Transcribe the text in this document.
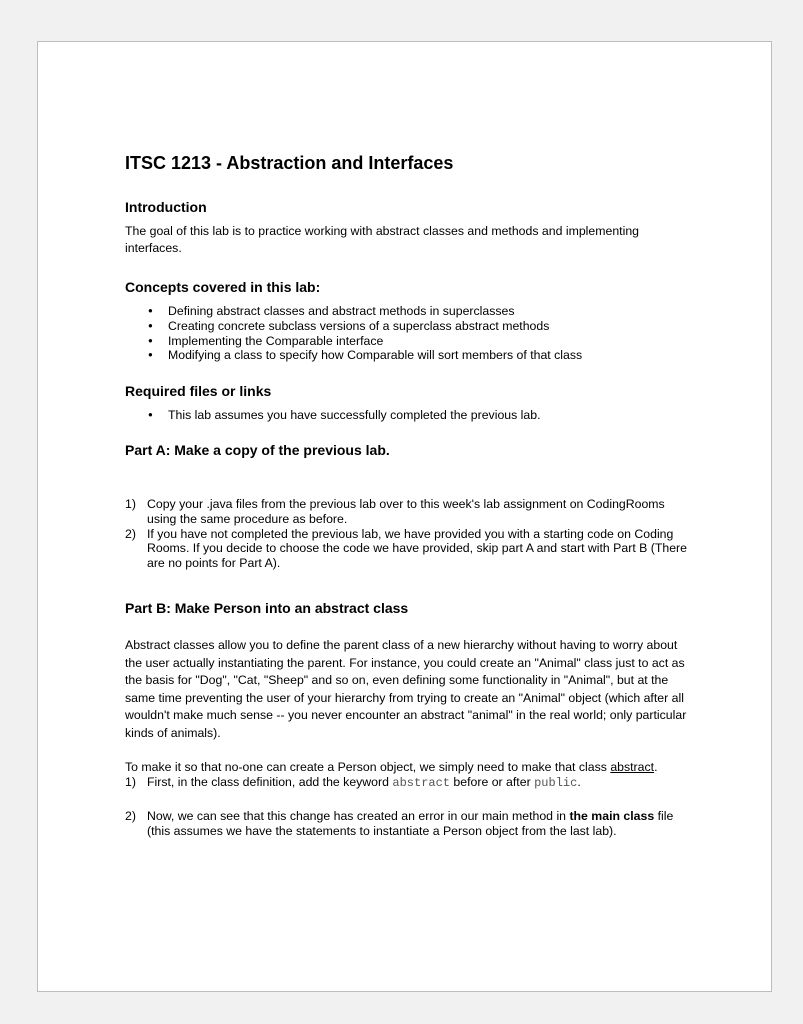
ITSC 1213 - Abstraction and Interfaces
Introduction

The goal of this lab is to practice working with abstract classes and methods and implementing interfaces.

Concepts covered in this lab:
● Defining abstract classes and abstract methods in superclasses
● Creating concrete subclass versions of a superclass abstract methods
● Implementing the Comparable interface
● Modifying a class to specify how Comparable will sort members of that class
Required files or links
● This lab assumes you have successfully completed the previous lab.
Part A: Make a copy of the previous lab.
1) Copy your .java files from the previous lab over to this week's lab assignment on CodingRooms using the same procedure as before.
2) If you have not completed the previous lab, we have provided you with a starting code on Coding Rooms. If you decide to choose the code we have provided, skip part A and start with Part B (There are no points for Part A).
Part B: Make Person into an abstract class

Abstract classes allow you to define the parent class of a new hierarchy without having to worry about the user actually instantiating the parent. For instance, you could create an "Animal" class just to act as the basis for "Dog", "Cat, "Sheep" and so on, even defining some functionality in "Animal", but at the same time preventing the user of your hierarchy from trying to create an "Animal" object (which after all wouldn't make much sense -- you never encounter an abstract "animal" in the real world; only particular kinds of animals).

To make it so that no-one can create a Person object, we simply need to make that class abstract.

1) First, in the class definition, add the keyword abstract before or after public.
2) Now, we can see that this change has created an error in our main method in the main class file (this assumes we have the statements to instantiate a Person object from the last lab).
